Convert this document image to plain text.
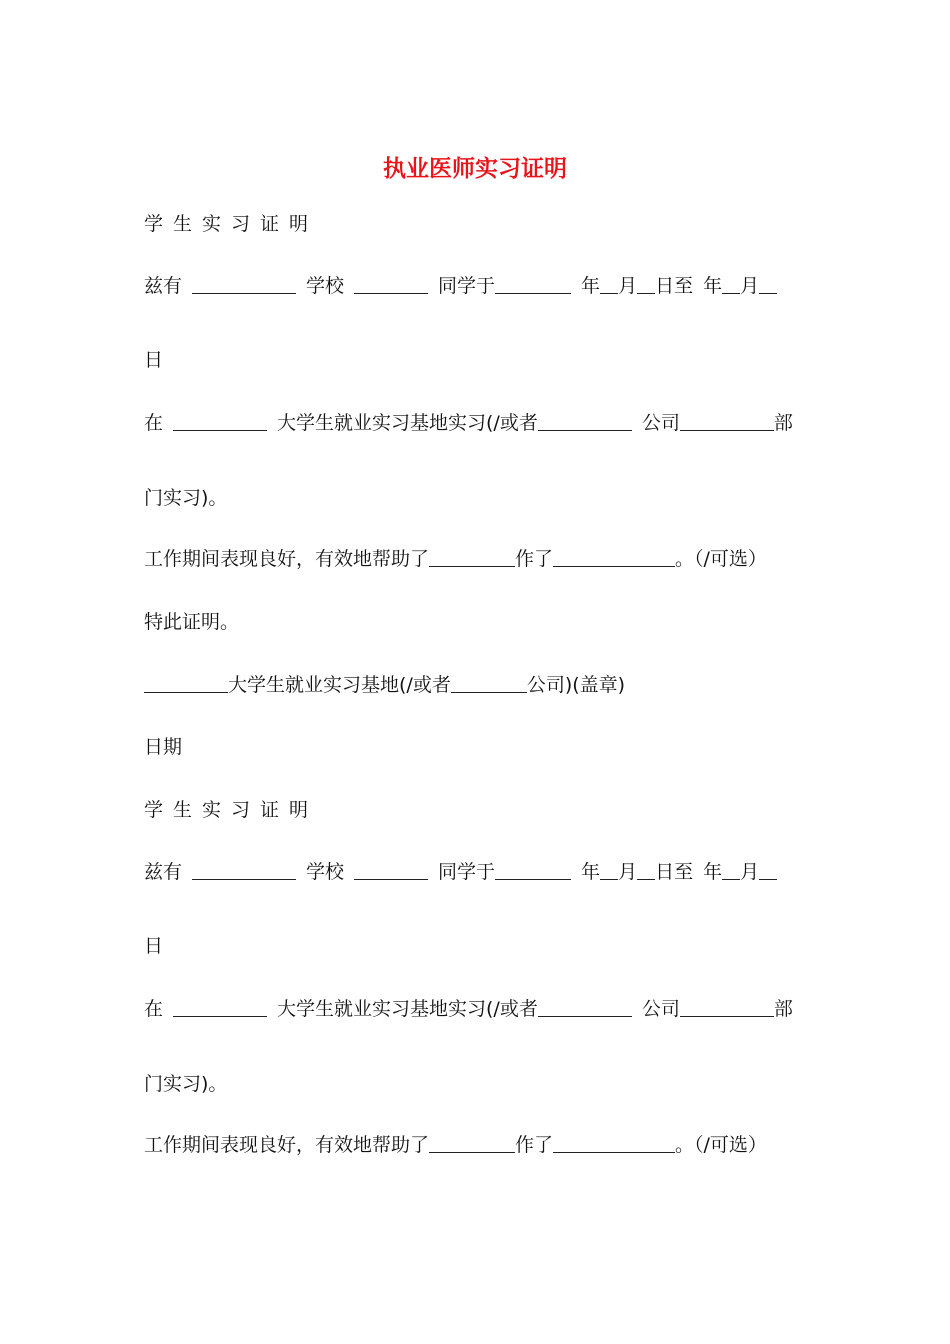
执业医师实习证明
学生实习证明
兹有	学校	同学于	年 月 日至 年 月
日
在	大学生就业实习基地实习(/或者	公司	部
门实习)。
工作期间表现良好，有效地帮助了	作了	。（/可选）
特此证明。
大学生就业实习基地(/或者	公司)(盖章)
日期
学生实习证明
兹有	学校	同学于	年 月 日至 年 月
日
在	大学生就业实习基地实习(/或者	公司	部
门实习)。
工作期间表现良好，有效地帮助了	作了	。（/可选）
